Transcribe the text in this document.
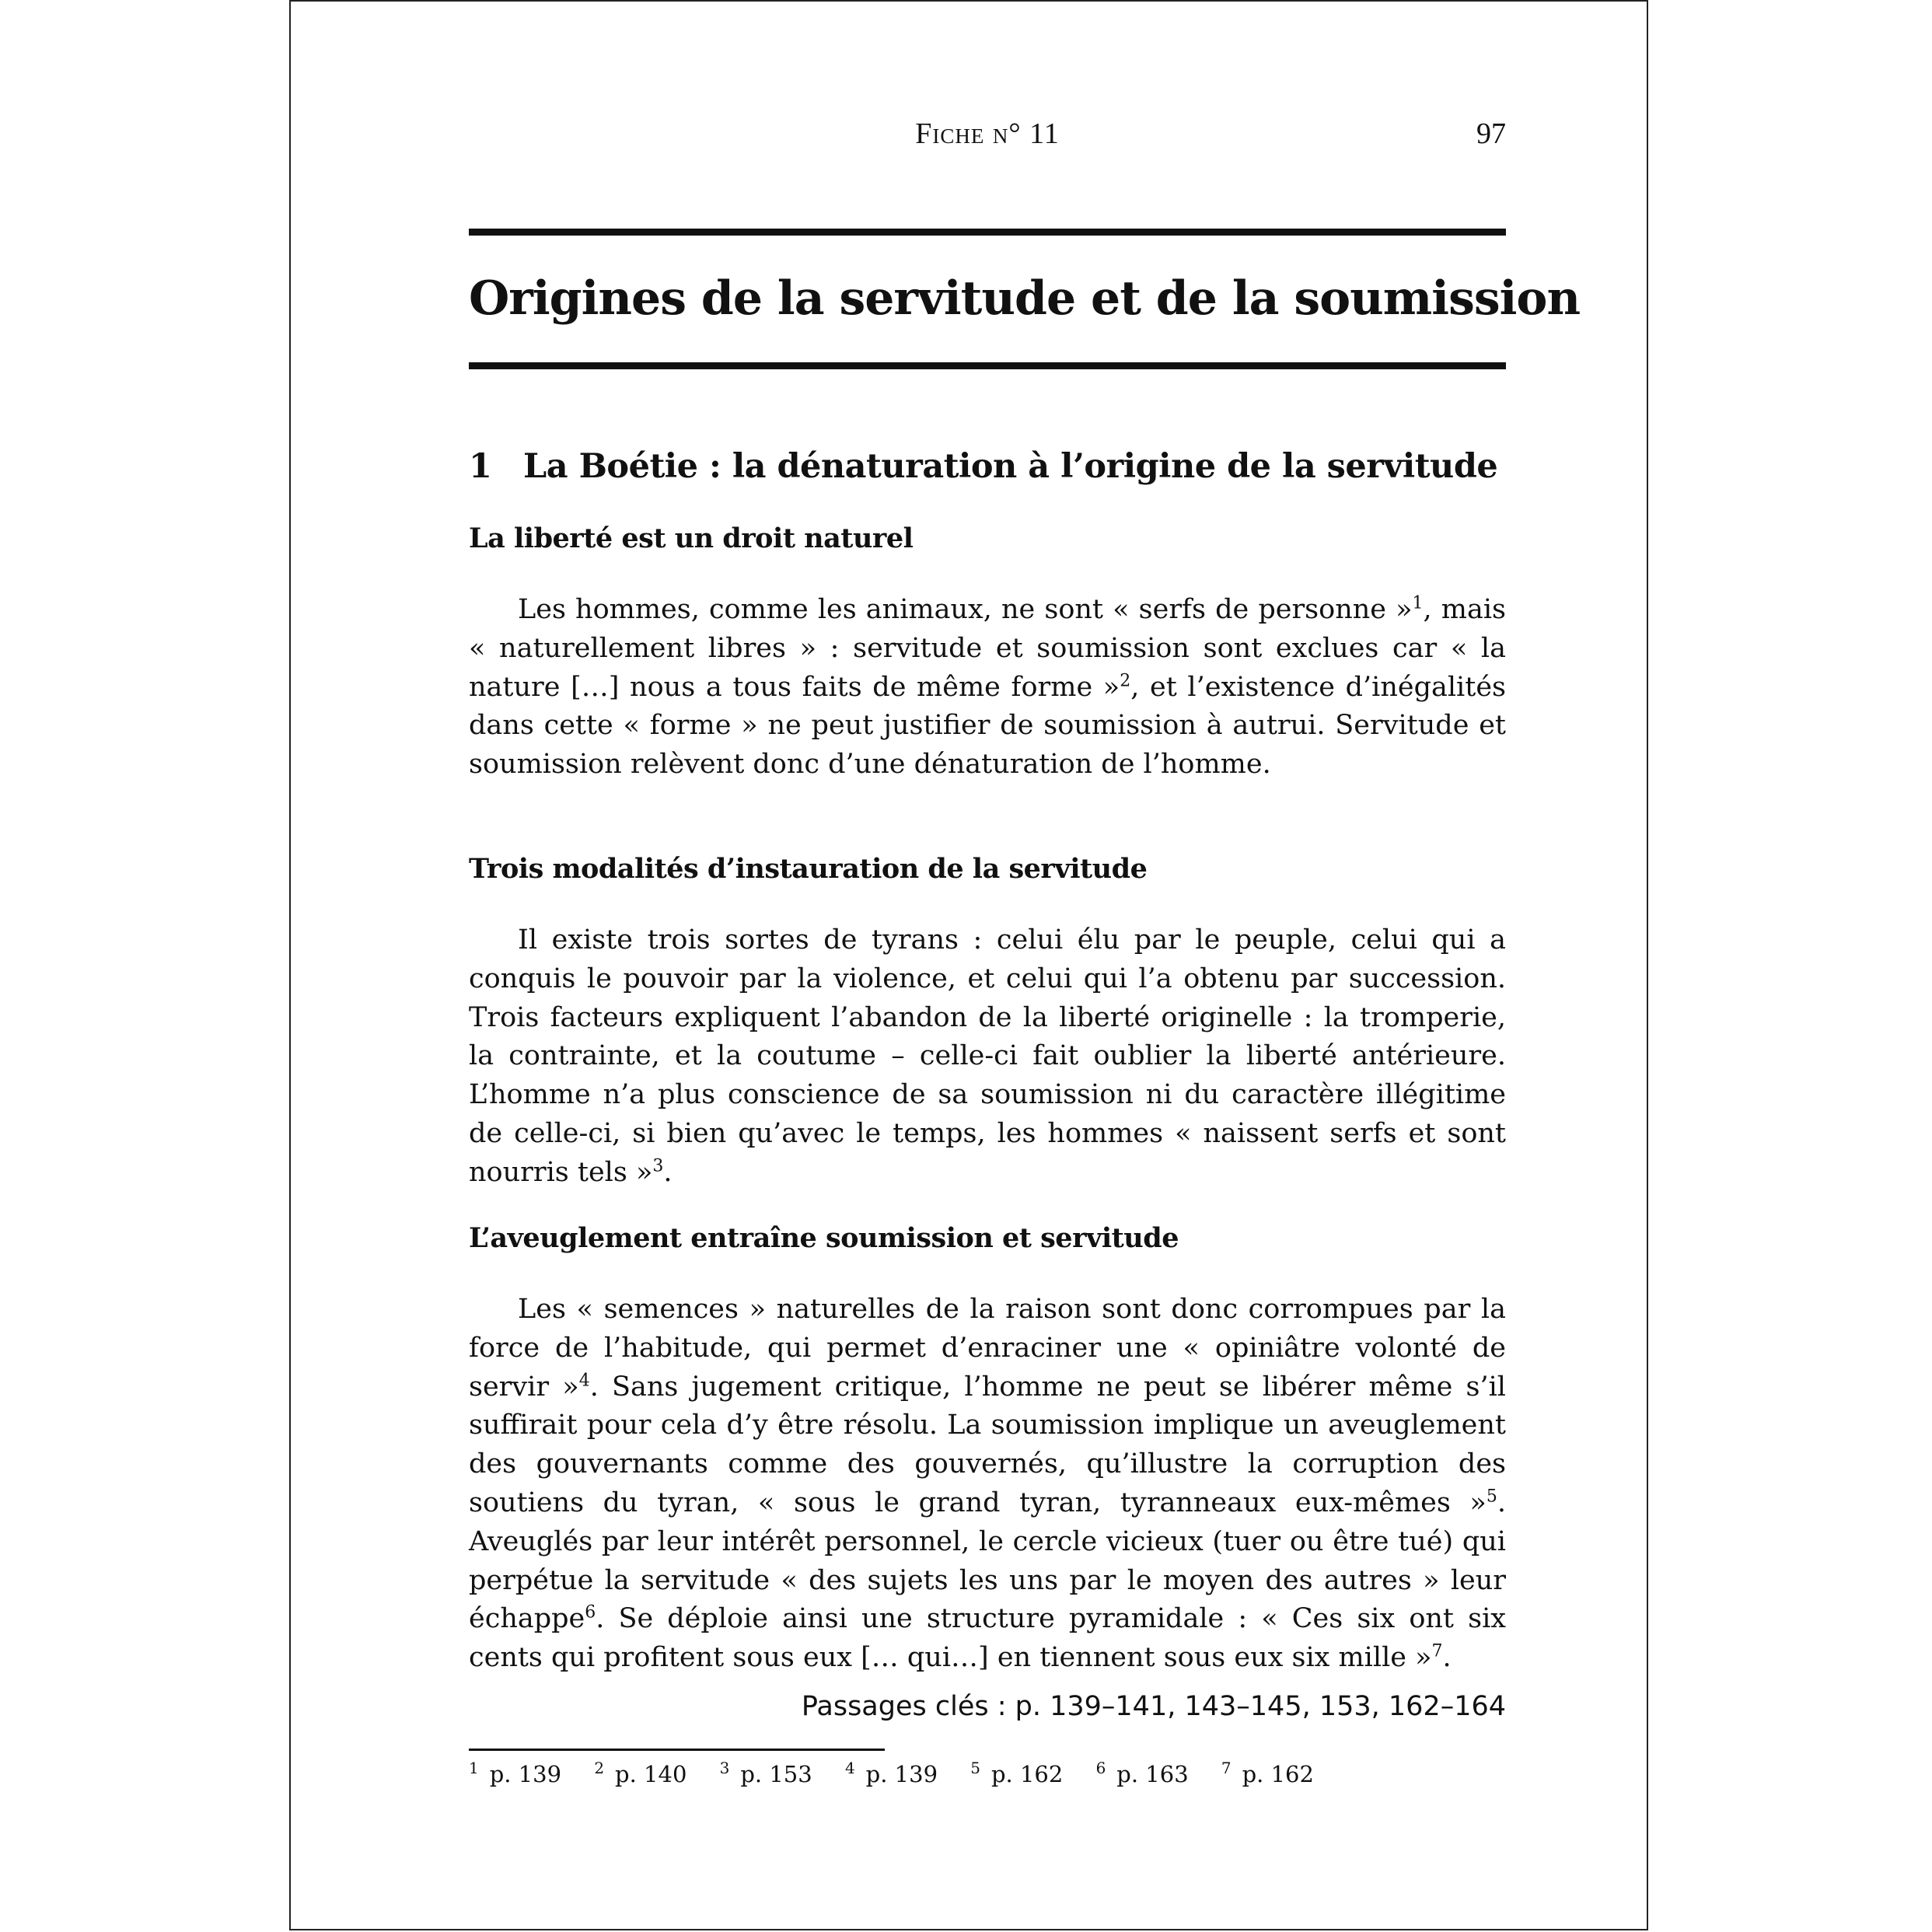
Fiche n° 11	97
Origines de la servitude et de la soumission
1 La Boétie : la dénaturation à l’origine de la servitude
La liberté est un droit naturel

Les hommes, comme les animaux, ne sont « serfs de personne »$^1$, mais « naturellement libres » : servitude et soumission sont exclues car « la nature […] nous a tous faits de même forme »$^2$, et l’existence d’inégalités dans cette « forme » ne peut justifier de soumission à autrui. Servitude et soumission relèvent donc d’une dénaturation de l’homme.

Trois modalités d’instauration de la servitude

Il existe trois sortes de tyrans : celui élu par le peuple, celui qui a conquis le pouvoir par la violence, et celui qui l’a obtenu par succession. Trois facteurs expliquent l’abandon de la liberté originelle : la tromperie, la contrainte, et la coutume – celle-ci fait oublier la liberté antérieure. L’homme n’a plus conscience de sa soumission ni du caractère illégitime de celle-ci, si bien qu’avec le temps, les hommes « naissent serfs et sont nourris tels »$^3$.

L’aveuglement entraîne soumission et servitude

Les « semences » naturelles de la raison sont donc corrompues par la force de l’habitude, qui permet d’enraciner une « opiniâtre volonté de servir »$^4$. Sans jugement critique, l’homme ne peut se libérer même s’il suffirait pour cela d’y être résolu. La soumission implique un aveuglement des gouvernants comme des gouvernés, qu’illustre la corruption des soutiens du tyran, « sous le grand tyran, tyranneaux eux-mêmes »$^5$. Aveuglés par leur intérêt personnel, le cercle vicieux (tuer ou être tué) qui perpétue la servitude « des sujets les uns par le moyen des autres » leur échappe$^6$. Se déploie ainsi une structure pyramidale : « Ces six ont six cents qui profitent sous eux [… qui…] en tiennent sous eux six mille »$^7$.

Passages clés : p. 139–141, 143–145, 153, 162–164
$^1$ p. 139 $^2$ p. 140 $^3$ p. 153 $^4$ p. 139 $^5$ p. 162 $^6$ p. 163 $^7$ p. 162
